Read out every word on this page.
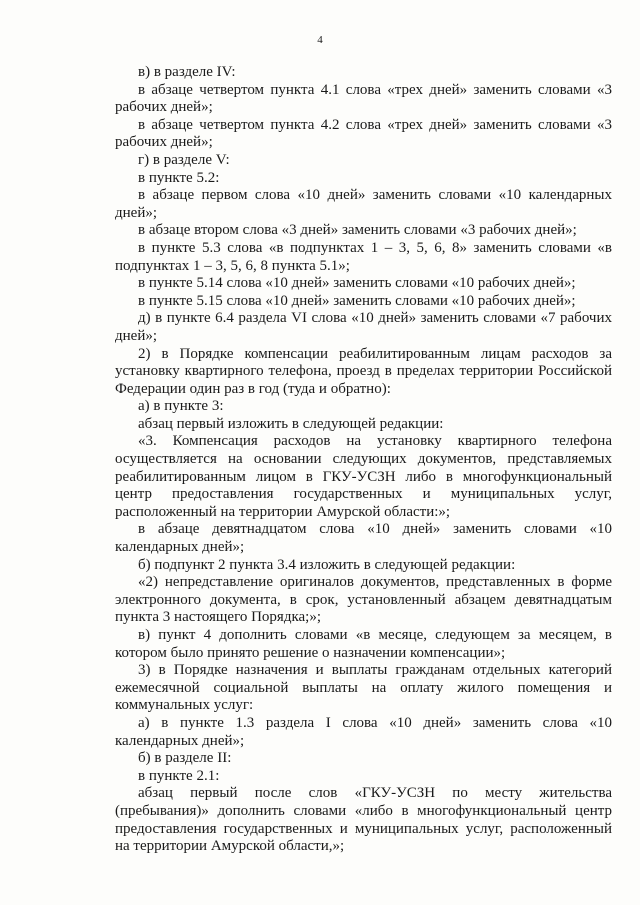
4

в) в разделе IV:

в абзаце четвертом пункта 4.1 слова «трех дней» заменить словами «3 рабочих дней»;

в абзаце четвертом пункта 4.2 слова «трех дней» заменить словами «3 рабочих дней»;

г) в разделе V:

в пункте 5.2:

в абзаце первом слова «10 дней» заменить словами «10 календарных дней»;

в абзаце втором слова «3 дней» заменить словами «3 рабочих дней»;

в пункте 5.3 слова «в подпунктах 1 – 3, 5, 6, 8» заменить словами «в подпунктах 1 – 3, 5, 6, 8 пункта 5.1»;

в пункте 5.14 слова «10 дней» заменить словами «10 рабочих дней»;

в пункте 5.15 слова «10 дней» заменить словами «10 рабочих дней»;

д) в пункте 6.4 раздела VI слова «10 дней» заменить словами «7 рабочих дней»;

2) в Порядке компенсации реабилитированным лицам расходов за установку квартирного телефона, проезд в пределах территории Российской Федерации один раз в год (туда и обратно):

а) в пункте 3:

абзац первый изложить в следующей редакции:

«3. Компенсация расходов на установку квартирного телефона осуществляется на основании следующих документов, представляемых реабилитированным лицом в ГКУ-УСЗН либо в многофункциональный центр предоставления государственных и муниципальных услуг, расположенный на территории Амурской области:»;

в абзаце девятнадцатом слова «10 дней» заменить словами «10 календарных дней»;

б) подпункт 2 пункта 3.4 изложить в следующей редакции:

«2) непредставление оригиналов документов, представленных в форме электронного документа, в срок, установленный абзацем девятнадцатым пункта 3 настоящего Порядка;»;

в) пункт 4 дополнить словами «в месяце, следующем за месяцем, в котором было принято решение о назначении компенсации»;

3) в Порядке назначения и выплаты гражданам отдельных категорий ежемесячной социальной выплаты на оплату жилого помещения и коммунальных услуг:

а) в пункте 1.3 раздела I слова «10 дней» заменить слова «10 календарных дней»;

б) в разделе II:

в пункте 2.1:

абзац первый после слов «ГКУ-УСЗН по месту жительства (пребывания)» дополнить словами «либо в многофункциональный центр предоставления государственных и муниципальных услуг, расположенный на территории Амурской области,»;
